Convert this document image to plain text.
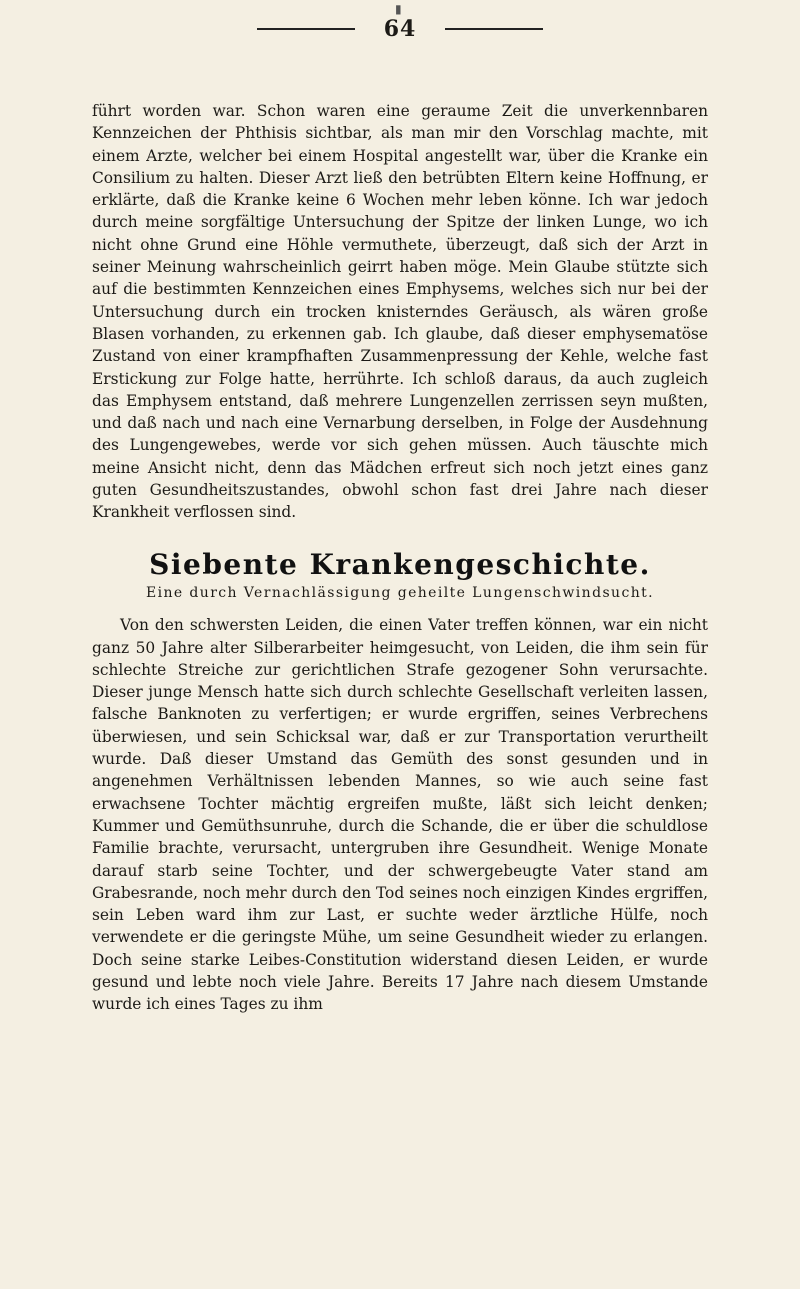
▮
64

führt worden war. Schon waren eine geraume Zeit die unverkennbaren Kennzeichen der Phthisis sichtbar, als man mir den Vorschlag machte, mit einem Arzte, welcher bei einem Hospital angestellt war, über die Kranke ein Consilium zu halten. Dieser Arzt ließ den betrübten Eltern keine Hoffnung, er erklärte, daß die Kranke keine 6 Wochen mehr leben könne. Ich war jedoch durch meine sorgfältige Untersuchung der Spitze der linken Lunge, wo ich nicht ohne Grund eine Höhle vermuthete, überzeugt, daß sich der Arzt in seiner Meinung wahrscheinlich geirrt haben möge. Mein Glaube stützte sich auf die bestimmten Kennzeichen eines Emphysems, welches sich nur bei der Untersuchung durch ein trocken knisterndes Geräusch, als wären große Blasen vorhanden, zu erkennen gab. Ich glaube, daß dieser emphysematöse Zustand von einer krampfhaften Zusammenpressung der Kehle, welche fast Erstickung zur Folge hatte, herrührte. Ich schloß daraus, da auch zugleich das Emphysem entstand, daß mehrere Lungenzellen zerrissen seyn mußten, und daß nach und nach eine Vernarbung derselben, in Folge der Ausdehnung des Lungengewebes, werde vor sich gehen müssen. Auch täuschte mich meine Ansicht nicht, denn das Mädchen erfreut sich noch jetzt eines ganz guten Gesundheitszustandes, obwohl schon fast drei Jahre nach dieser Krankheit verflossen sind.

Siebente Krankengeschichte.
Eine durch Vernachlässigung geheilte Lungenschwindsucht.

Von den schwersten Leiden, die einen Vater treffen können, war ein nicht ganz 50 Jahre alter Silberarbeiter heimgesucht, von Leiden, die ihm sein für schlechte Streiche zur gerichtlichen Strafe gezogener Sohn verursachte. Dieser junge Mensch hatte sich durch schlechte Gesellschaft verleiten lassen, falsche Banknoten zu verfertigen; er wurde ergriffen, seines Verbrechens überwiesen, und sein Schicksal war, daß er zur Transportation verurtheilt wurde. Daß dieser Umstand das Gemüth des sonst gesunden und in angenehmen Verhältnissen lebenden Mannes, so wie auch seine fast erwachsene Tochter mächtig ergreifen mußte, läßt sich leicht denken; Kummer und Gemüthsunruhe, durch die Schande, die er über die schuldlose Familie brachte, verursacht, untergruben ihre Gesundheit. Wenige Monate darauf starb seine Tochter, und der schwergebeugte Vater stand am Grabesrande, noch mehr durch den Tod seines noch einzigen Kindes ergriffen, sein Leben ward ihm zur Last, er suchte weder ärztliche Hülfe, noch verwendete er die geringste Mühe, um seine Gesundheit wieder zu erlangen. Doch seine starke Leibes-Constitution widerstand diesen Leiden, er wurde gesund und lebte noch viele Jahre. Bereits 17 Jahre nach diesem Umstande wurde ich eines Tages zu ihm
